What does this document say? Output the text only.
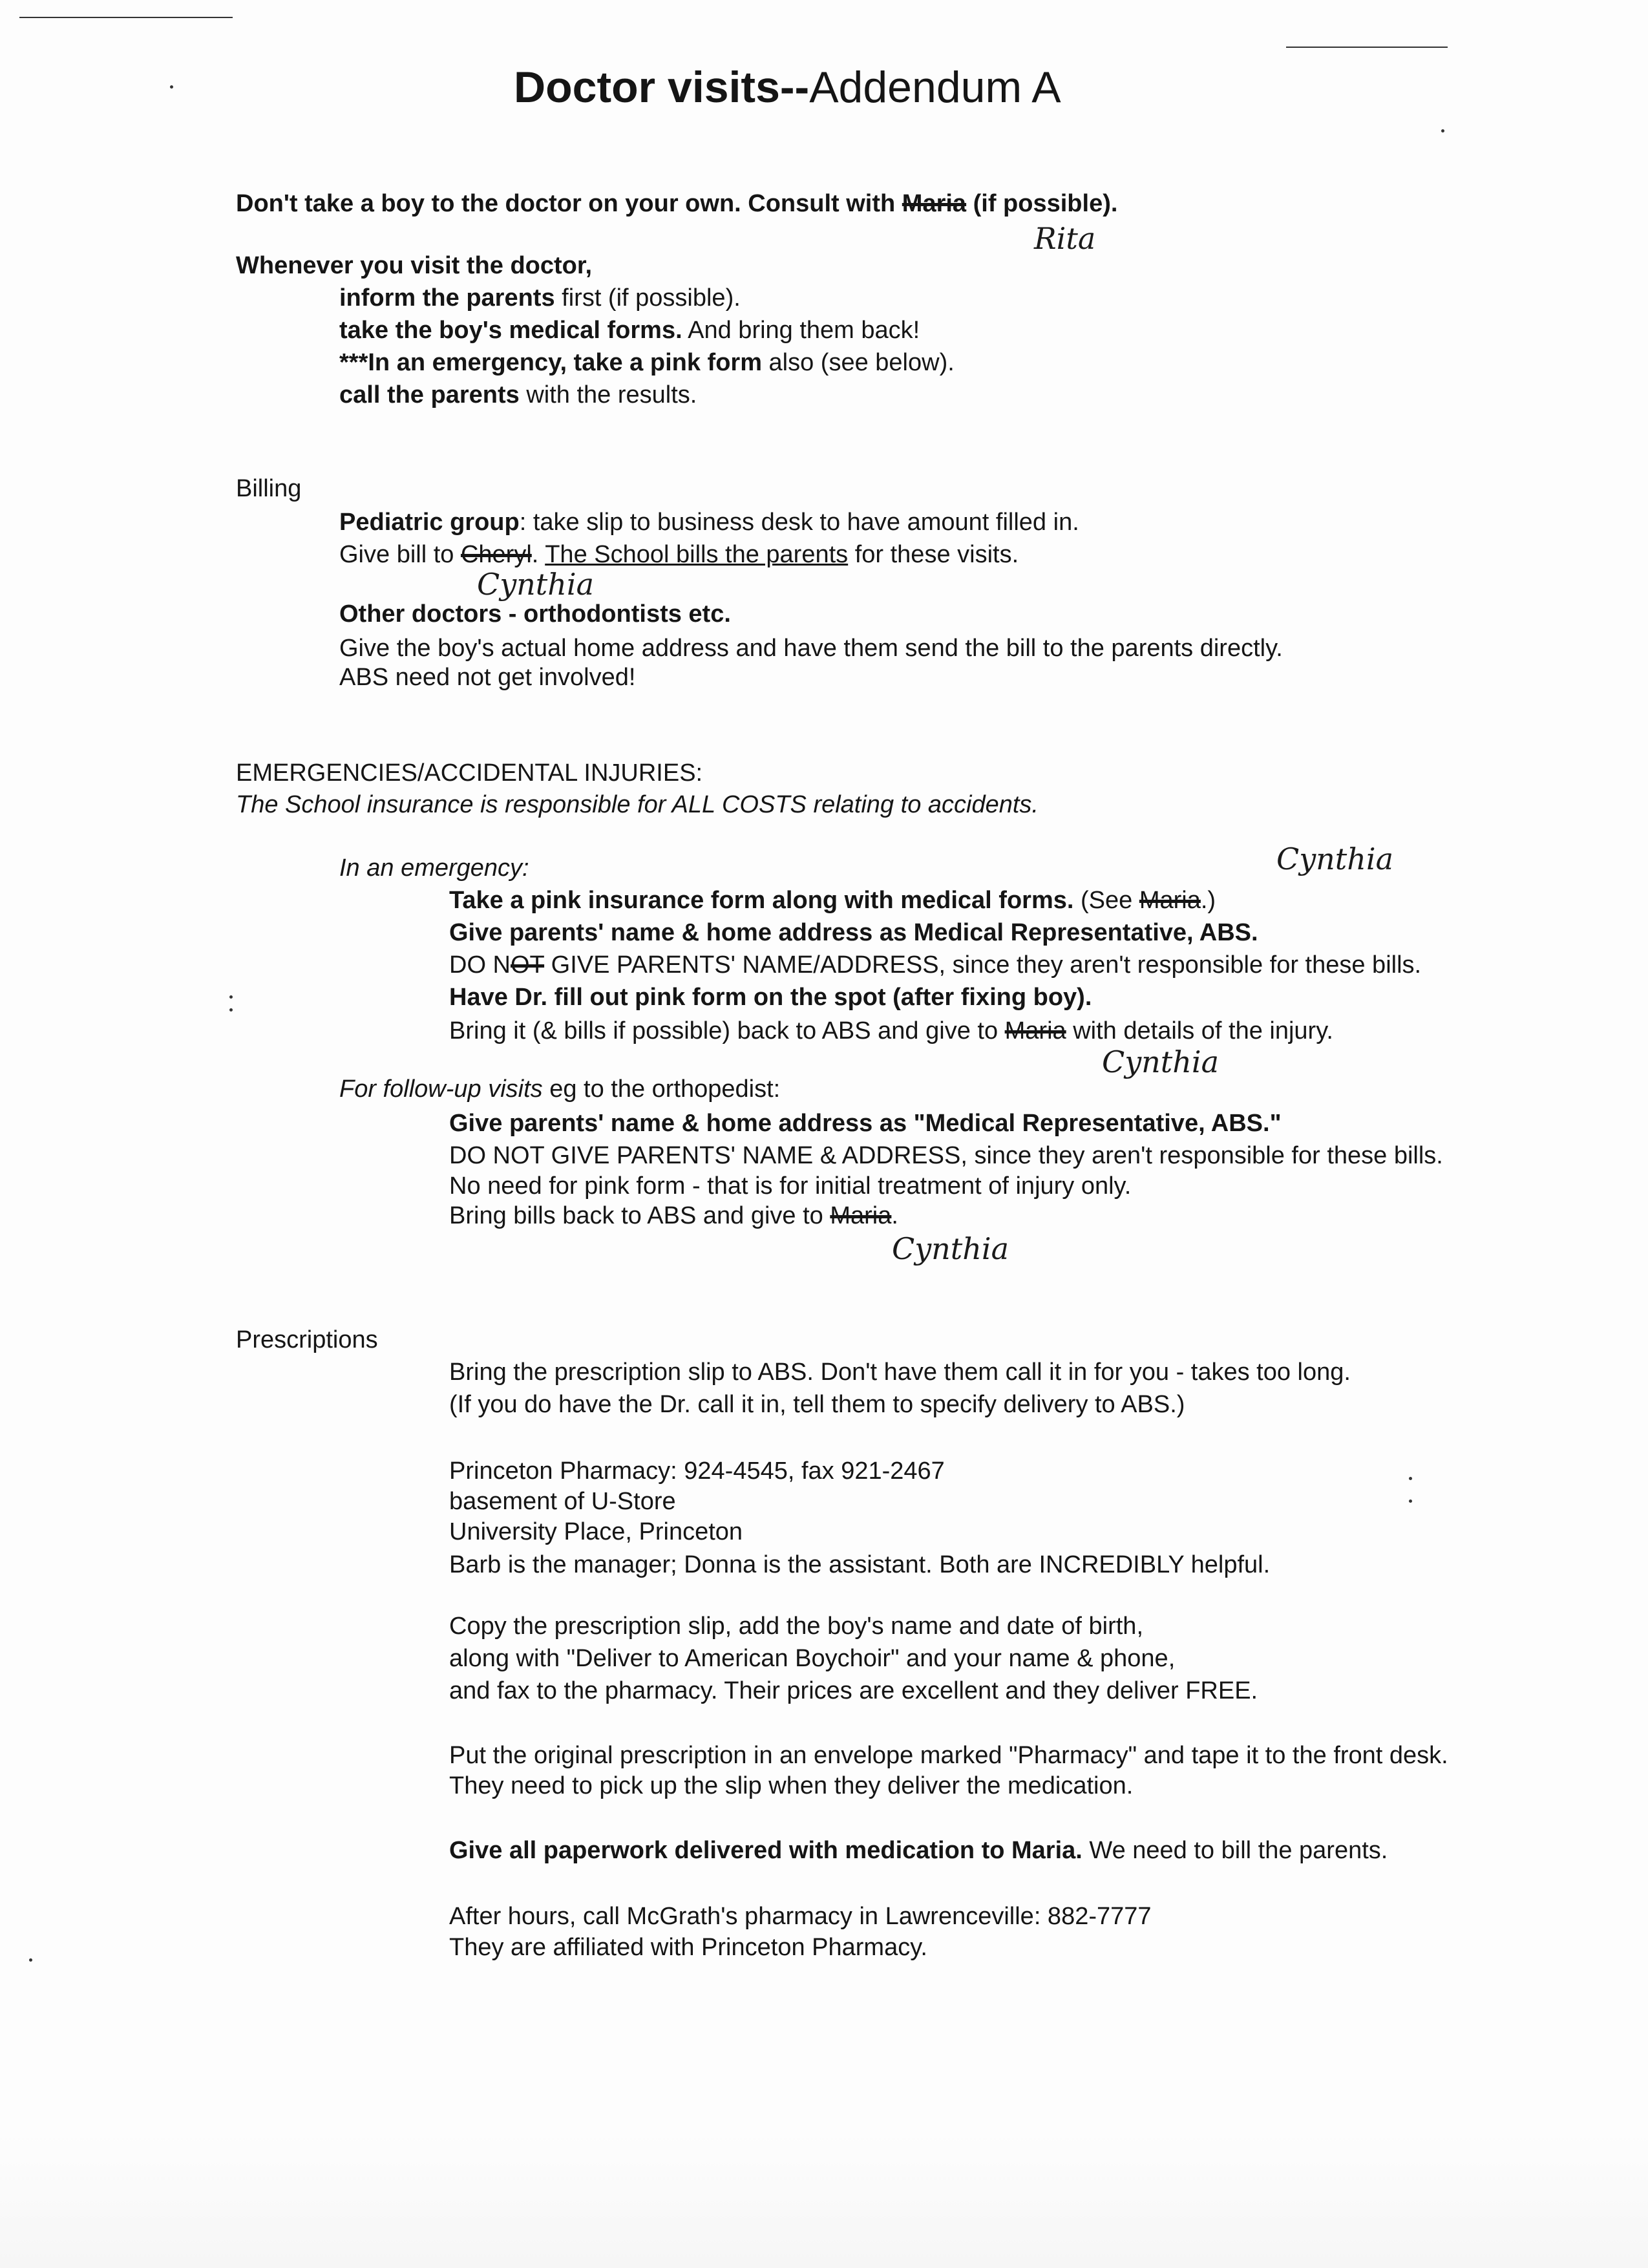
Doctor visits--Addendum A
Don't take a boy to the doctor on your own. Consult with Maria (if possible).
Rita
Whenever you visit the doctor,
inform the parents first (if possible).
take the boy's medical forms. And bring them back!
***In an emergency, take a pink form also (see below).
call the parents with the results.
Billing
Pediatric group: take slip to business desk to have amount filled in.
Give bill to Cheryl. The School bills the parents for these visits.
Cynthia
Other doctors - orthodontists etc.
Give the boy's actual home address and have them send the bill to the parents directly.
ABS need not get involved!
EMERGENCIES/ACCIDENTAL INJURIES:
The School insurance is responsible for ALL COSTS relating to accidents.
In an emergency:	Cynthia
Take a pink insurance form along with medical forms. (See Maria.)
Give parents' name & home address as Medical Representative, ABS.
DO NOT GIVE PARENTS' NAME/ADDRESS, since they aren't responsible for these bills.
Have Dr. fill out pink form on the spot (after fixing boy).
Bring it (& bills if possible) back to ABS and give to Maria with details of the injury.
Cynthia
For follow-up visits eg to the orthopedist:
Give parents' name & home address as "Medical Representative, ABS."
DO NOT GIVE PARENTS' NAME & ADDRESS, since they aren't responsible for these bills.
No need for pink form - that is for initial treatment of injury only.
Bring bills back to ABS and give to Maria.
Cynthia
Prescriptions
Bring the prescription slip to ABS. Don't have them call it in for you - takes too long.
(If you do have the Dr. call it in, tell them to specify delivery to ABS.)
Princeton Pharmacy: 924-4545, fax 921-2467
basement of U-Store
University Place, Princeton
Barb is the manager; Donna is the assistant. Both are INCREDIBLY helpful.
Copy the prescription slip, add the boy's name and date of birth,
along with "Deliver to American Boychoir" and your name & phone,
and fax to the pharmacy. Their prices are excellent and they deliver FREE.
Put the original prescription in an envelope marked "Pharmacy" and tape it to the front desk.
They need to pick up the slip when they deliver the medication.
Give all paperwork delivered with medication to Maria. We need to bill the parents.
After hours, call McGrath's pharmacy in Lawrenceville: 882-7777
They are affiliated with Princeton Pharmacy.
